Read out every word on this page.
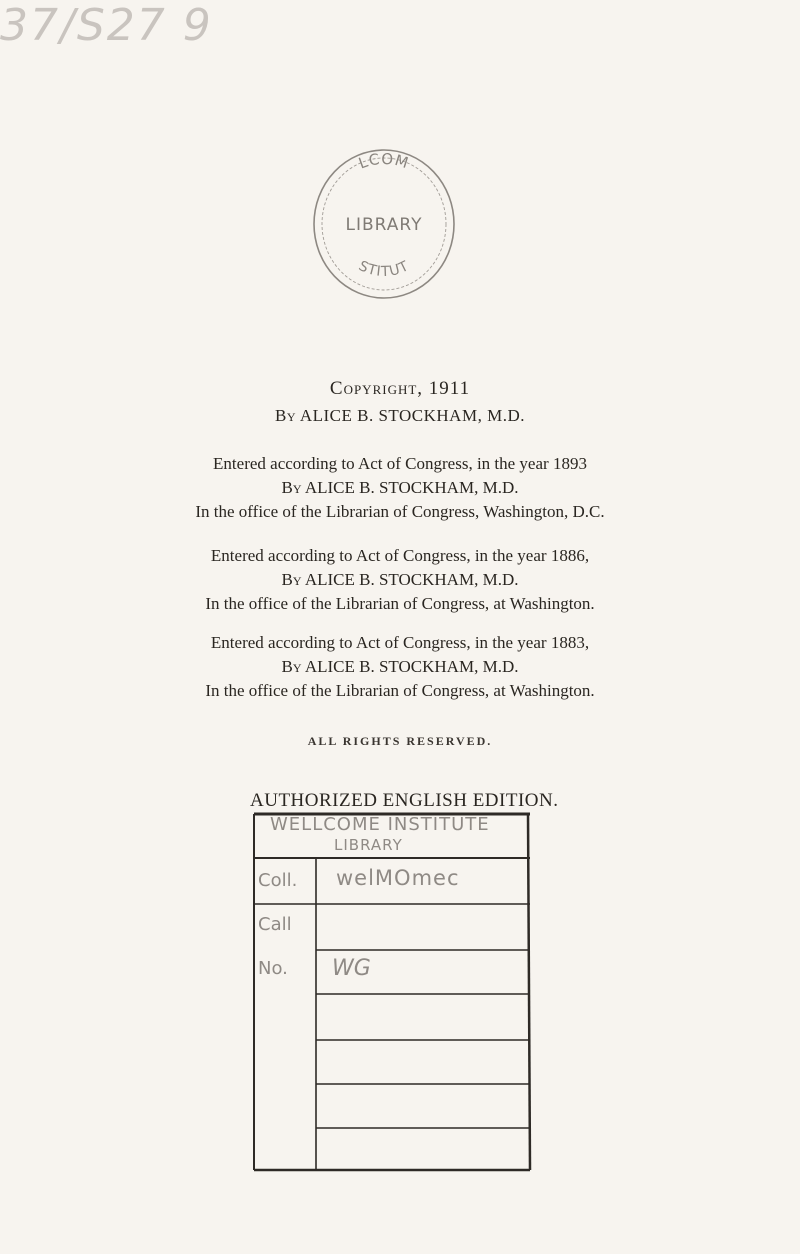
37/S27 9
LCOM
LIBRARY
STITUT
Copyright, 1911
By ALICE B. STOCKHAM, M.D.
Entered according to Act of Congress, in the year 1893
By ALICE B. STOCKHAM, M.D.
In the office of the Librarian of Congress, Washington, D.C.
Entered according to Act of Congress, in the year 1886,
By ALICE B. STOCKHAM, M.D.
In the office of the Librarian of Congress, at Washington.
Entered according to Act of Congress, in the year 1883,
By ALICE B. STOCKHAM, M.D.
In the office of the Librarian of Congress, at Washington.
ALL RIGHTS RESERVED.
AUTHORIZED ENGLISH EDITION.
WELLCOME INSTITUTE
LIBRARY
Coll. welMOmec
Call
No. WG
